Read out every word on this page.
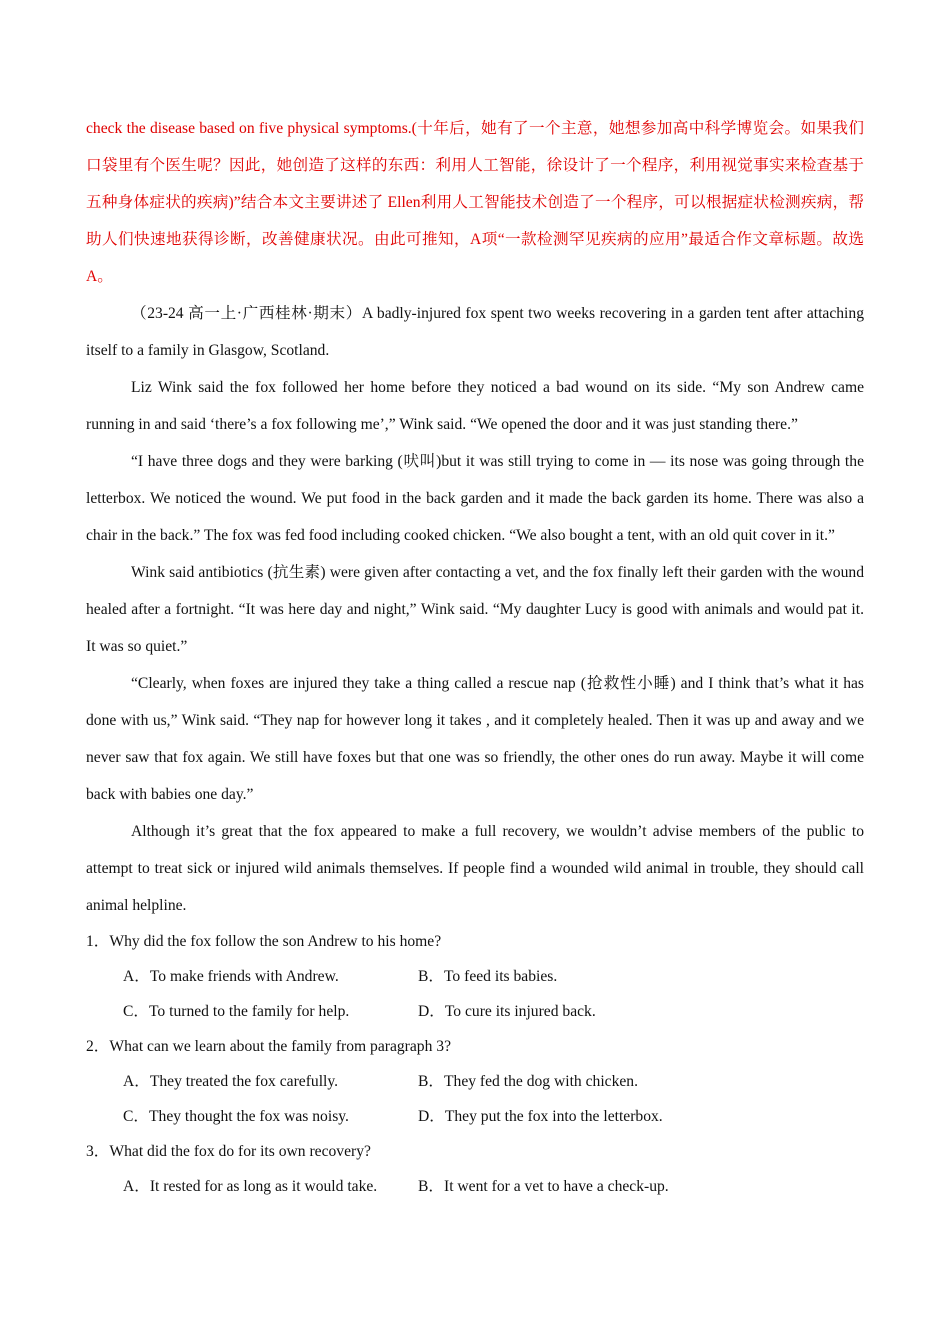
check the disease based on five physical symptoms.(十年后，她有了一个主意，她想参加高中科学博览会。如果我们口袋里有个医生呢？因此，她创造了这样的东西：利用人工智能，徐设计了一个程序，利用视觉事实来检查基于五种身体症状的疾病)”结合本文主要讲述了 Ellen利用人工智能技术创造了一个程序，可以根据症状检测疾病，帮助人们快速地获得诊断，改善健康状况。由此可推知，A项“一款检测罕见疾病的应用”最适合作文章标题。故选 A。

（23-24 高一上·广西桂林·期末）A badly-injured fox spent two weeks recovering in a garden tent after attaching itself to a family in Glasgow, Scotland.

Liz Wink said the fox followed her home before they noticed a bad wound on its side. “My son Andrew came running in and said ‘there’s a fox following me’,” Wink said. “We opened the door and it was just standing there.”

“I have three dogs and they were barking (吠叫)but it was still trying to come in — its nose was going through the letterbox. We noticed the wound. We put food in the back garden and it made the back garden its home. There was also a chair in the back.” The fox was fed food including cooked chicken. “We also bought a tent, with an old quit cover in it.”

Wink said antibiotics (抗生素) were given after contacting a vet, and the fox finally left their garden with the wound healed after a fortnight. “It was here day and night,” Wink said. “My daughter Lucy is good with animals and would pat it. It was so quiet.”

“Clearly, when foxes are injured they take a thing called a rescue nap (抢救性小睡) and I think that’s what it has done with us,” Wink said. “They nap for however long it takes , and it completely healed. Then it was up and away and we never saw that fox again. We still have foxes but that one was so friendly, the other ones do run away. Maybe it will come back with babies one day.”

Although it’s great that the fox appeared to make a full recovery, we wouldn’t advise members of the public to attempt to treat sick or injured wild animals themselves. If people find a wounded wild animal in trouble, they should call animal helpline.

1．Why did the fox follow the son Andrew to his home?

A．To make friends with Andrew.	B．To feed its babies.
C．To turned to the family for help.	D．To cure its injured back.

2．What can we learn about the family from paragraph 3?

A．They treated the fox carefully.	B．They fed the dog with chicken.
C．They thought the fox was noisy.	D．They put the fox into the letterbox.

3．What did the fox do for its own recovery?

A．It rested for as long as it would take.	B．It went for a vet to have a check-up.
